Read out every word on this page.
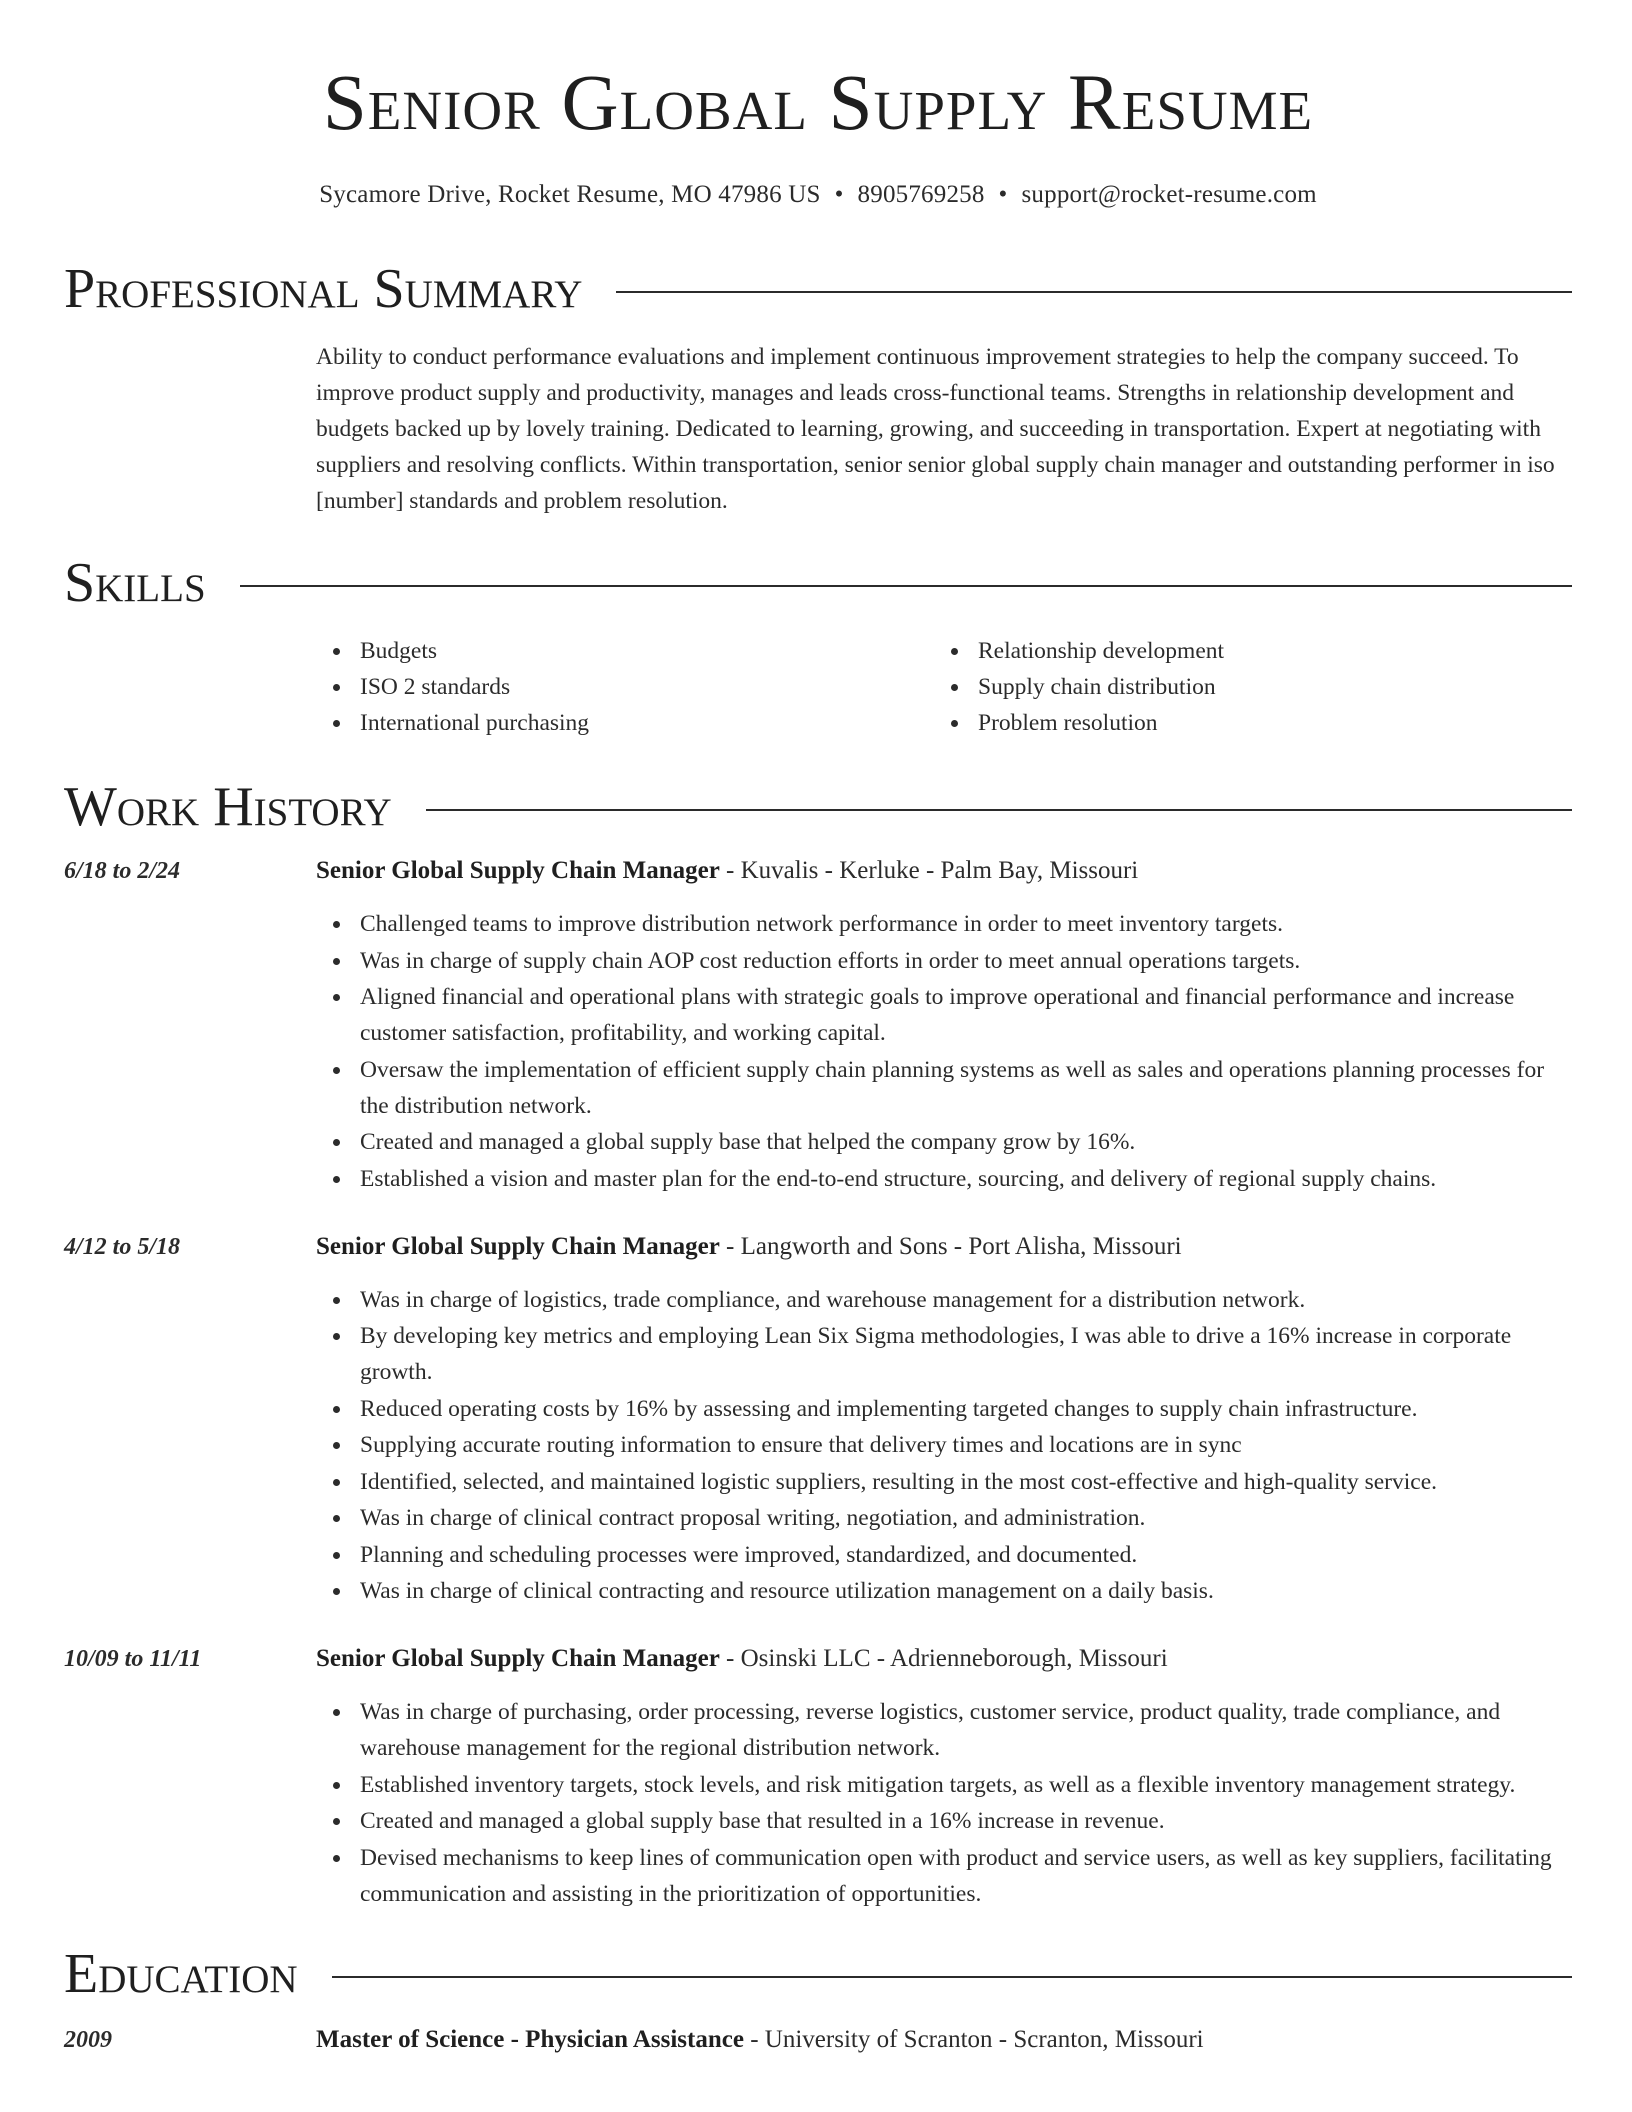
Senior Global Supply Resume
Sycamore Drive, Rocket Resume, MO 47986 US • 8905769258 • support@rocket-resume.com
Professional Summary
Ability to conduct performance evaluations and implement continuous improvement strategies to help the company succeed. To improve product supply and productivity, manages and leads cross-functional teams. Strengths in relationship development and budgets backed up by lovely training. Dedicated to learning, growing, and succeeding in transportation. Expert at negotiating with suppliers and resolving conflicts. Within transportation, senior senior global supply chain manager and outstanding performer in iso [number] standards and problem resolution.
Skills
Budgets
ISO 2 standards
International purchasing
Relationship development
Supply chain distribution
Problem resolution
Work History
6/18 to 2/24	Senior Global Supply Chain Manager - Kuvalis - Kerluke - Palm Bay, Missouri
Challenged teams to improve distribution network performance in order to meet inventory targets.
Was in charge of supply chain AOP cost reduction efforts in order to meet annual operations targets.
Aligned financial and operational plans with strategic goals to improve operational and financial performance and increase customer satisfaction, profitability, and working capital.
Oversaw the implementation of efficient supply chain planning systems as well as sales and operations planning processes for the distribution network.
Created and managed a global supply base that helped the company grow by 16%.
Established a vision and master plan for the end-to-end structure, sourcing, and delivery of regional supply chains.
4/12 to 5/18	Senior Global Supply Chain Manager - Langworth and Sons - Port Alisha, Missouri
Was in charge of logistics, trade compliance, and warehouse management for a distribution network.
By developing key metrics and employing Lean Six Sigma methodologies, I was able to drive a 16% increase in corporate growth.
Reduced operating costs by 16% by assessing and implementing targeted changes to supply chain infrastructure.
Supplying accurate routing information to ensure that delivery times and locations are in sync
Identified, selected, and maintained logistic suppliers, resulting in the most cost-effective and high-quality service.
Was in charge of clinical contract proposal writing, negotiation, and administration.
Planning and scheduling processes were improved, standardized, and documented.
Was in charge of clinical contracting and resource utilization management on a daily basis.
10/09 to 11/11	Senior Global Supply Chain Manager - Osinski LLC - Adrienneborough, Missouri
Was in charge of purchasing, order processing, reverse logistics, customer service, product quality, trade compliance, and warehouse management for the regional distribution network.
Established inventory targets, stock levels, and risk mitigation targets, as well as a flexible inventory management strategy.
Created and managed a global supply base that resulted in a 16% increase in revenue.
Devised mechanisms to keep lines of communication open with product and service users, as well as key suppliers, facilitating communication and assisting in the prioritization of opportunities.
Education
2009	Master of Science - Physician Assistance - University of Scranton - Scranton, Missouri
